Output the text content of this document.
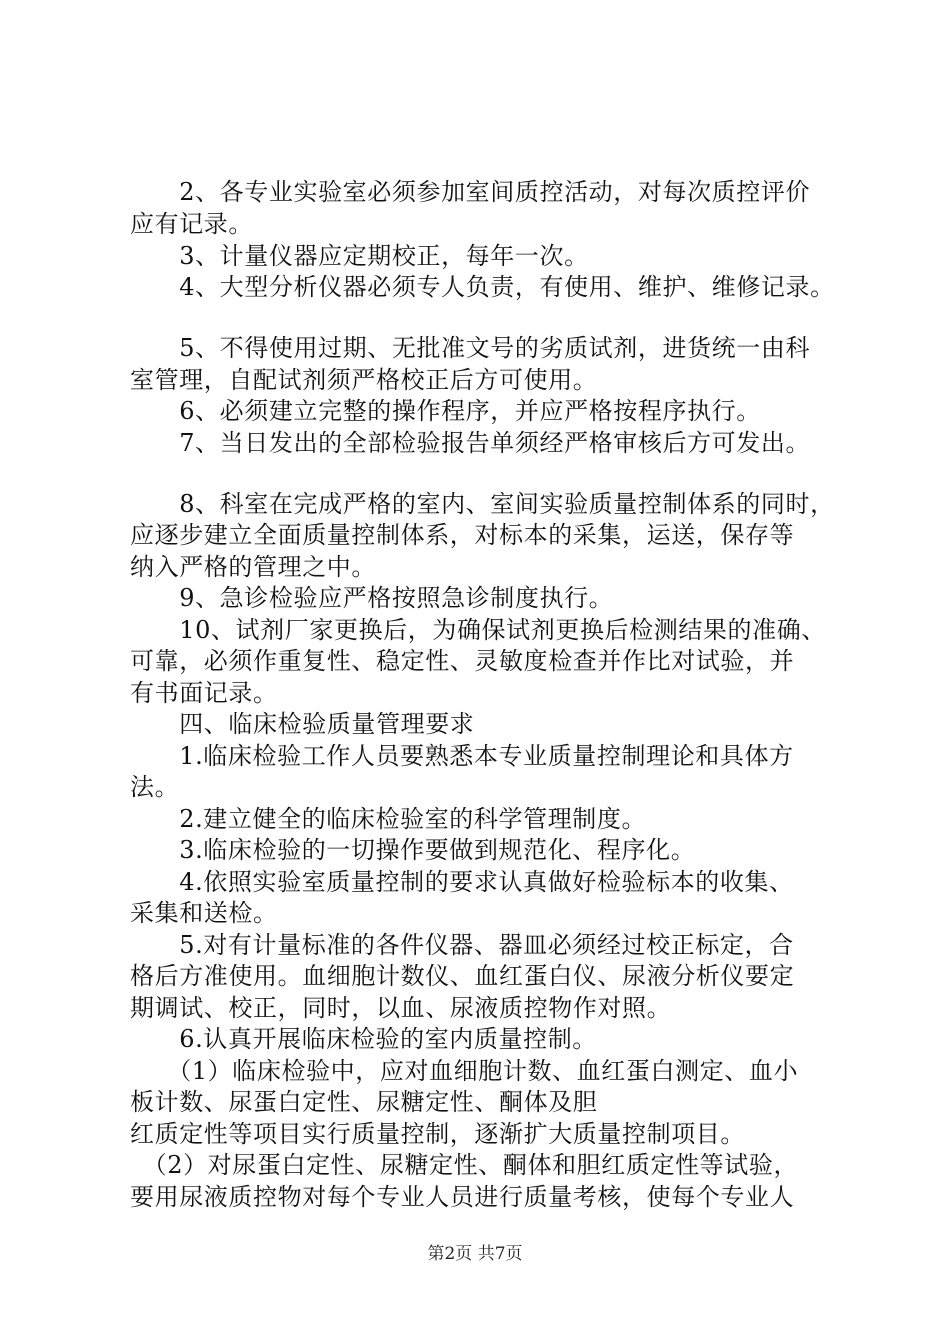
　　2、各专业实验室必须参加室间质控活动，对每次质控评价
应有记录。
　　3、计量仪器应定期校正，每年一次。
　　4、大型分析仪器必须专人负责，有使用、维护、维修记录。
　　5、不得使用过期、无批准文号的劣质试剂，进货统一由科
室管理，自配试剂须严格校正后方可使用。
　　6、必须建立完整的操作程序，并应严格按程序执行。
　　7、当日发出的全部检验报告单须经严格审核后方可发出。
　　8、科室在完成严格的室内、室间实验质量控制体系的同时，
应逐步建立全面质量控制体系，对标本的采集，运送，保存等
纳入严格的管理之中。
　　9、急诊检验应严格按照急诊制度执行。
　　10、试剂厂家更换后，为确保试剂更换后检测结果的准确、
可靠，必须作重复性、稳定性、灵敏度检查并作比对试验，并
有书面记录。
　　四、临床检验质量管理要求
　　1.临床检验工作人员要熟悉本专业质量控制理论和具体方
法。
　　2.建立健全的临床检验室的科学管理制度。
　　3.临床检验的一切操作要做到规范化、程序化。
　　4.依照实验室质量控制的要求认真做好检验标本的收集、
采集和送检。
　　5.对有计量标准的各件仪器、器皿必须经过校正标定，合
格后方准使用。血细胞计数仪、血红蛋白仪、尿液分析仪要定
期调试、校正，同时，以血、尿液质控物作对照。
　　6.认真开展临床检验的室内质量控制。
　　（1）临床检验中，应对血细胞计数、血红蛋白测定、血小
板计数、尿蛋白定性、尿糖定性、酮体及胆
红质定性等项目实行质量控制，逐渐扩大质量控制项目。
　（2）对尿蛋白定性、尿糖定性、酮体和胆红质定性等试验，
要用尿液质控物对每个专业人员进行质量考核，使每个专业人
第2页 共7页
